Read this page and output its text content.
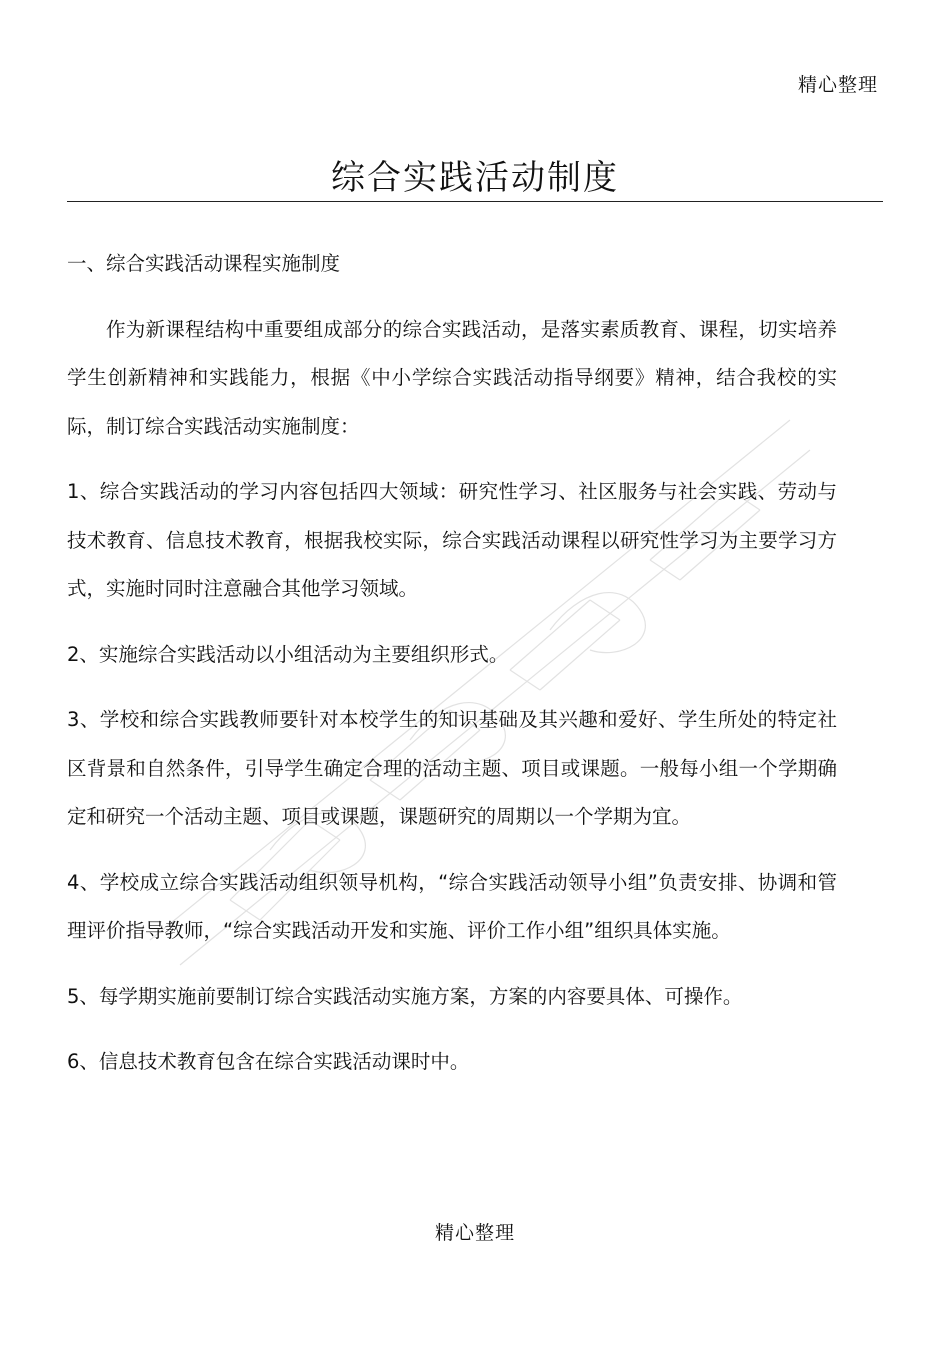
精心整理
综合实践活动制度

一、综合实践活动课程实施制度

作为新课程结构中重要组成部分的综合实践活动，是落实素质教育、课程，切实培养学生创新精神和实践能力，根据《中小学综合实践活动指导纲要》精神，结合我校的实际，制订综合实践活动实施制度：

1、综合实践活动的学习内容包括四大领域：研究性学习、社区服务与社会实践、劳动与技术教育、信息技术教育，根据我校实际，综合实践活动课程以研究性学习为主要学习方式，实施时同时注意融合其他学习领域。

2、实施综合实践活动以小组活动为主要组织形式。

3、学校和综合实践教师要针对本校学生的知识基础及其兴趣和爱好、学生所处的特定社区背景和自然条件，引导学生确定合理的活动主题、项目或课题。一般每小组一个学期确定和研究一个活动主题、项目或课题，课题研究的周期以一个学期为宜。

4、学校成立综合实践活动组织领导机构，“综合实践活动领导小组”负责安排、协调和管理评价指导教师，“综合实践活动开发和实施、评价工作小组”组织具体实施。

5、每学期实施前要制订综合实践活动实施方案，方案的内容要具体、可操作。

6、信息技术教育包含在综合实践活动课时中。

精心整理
